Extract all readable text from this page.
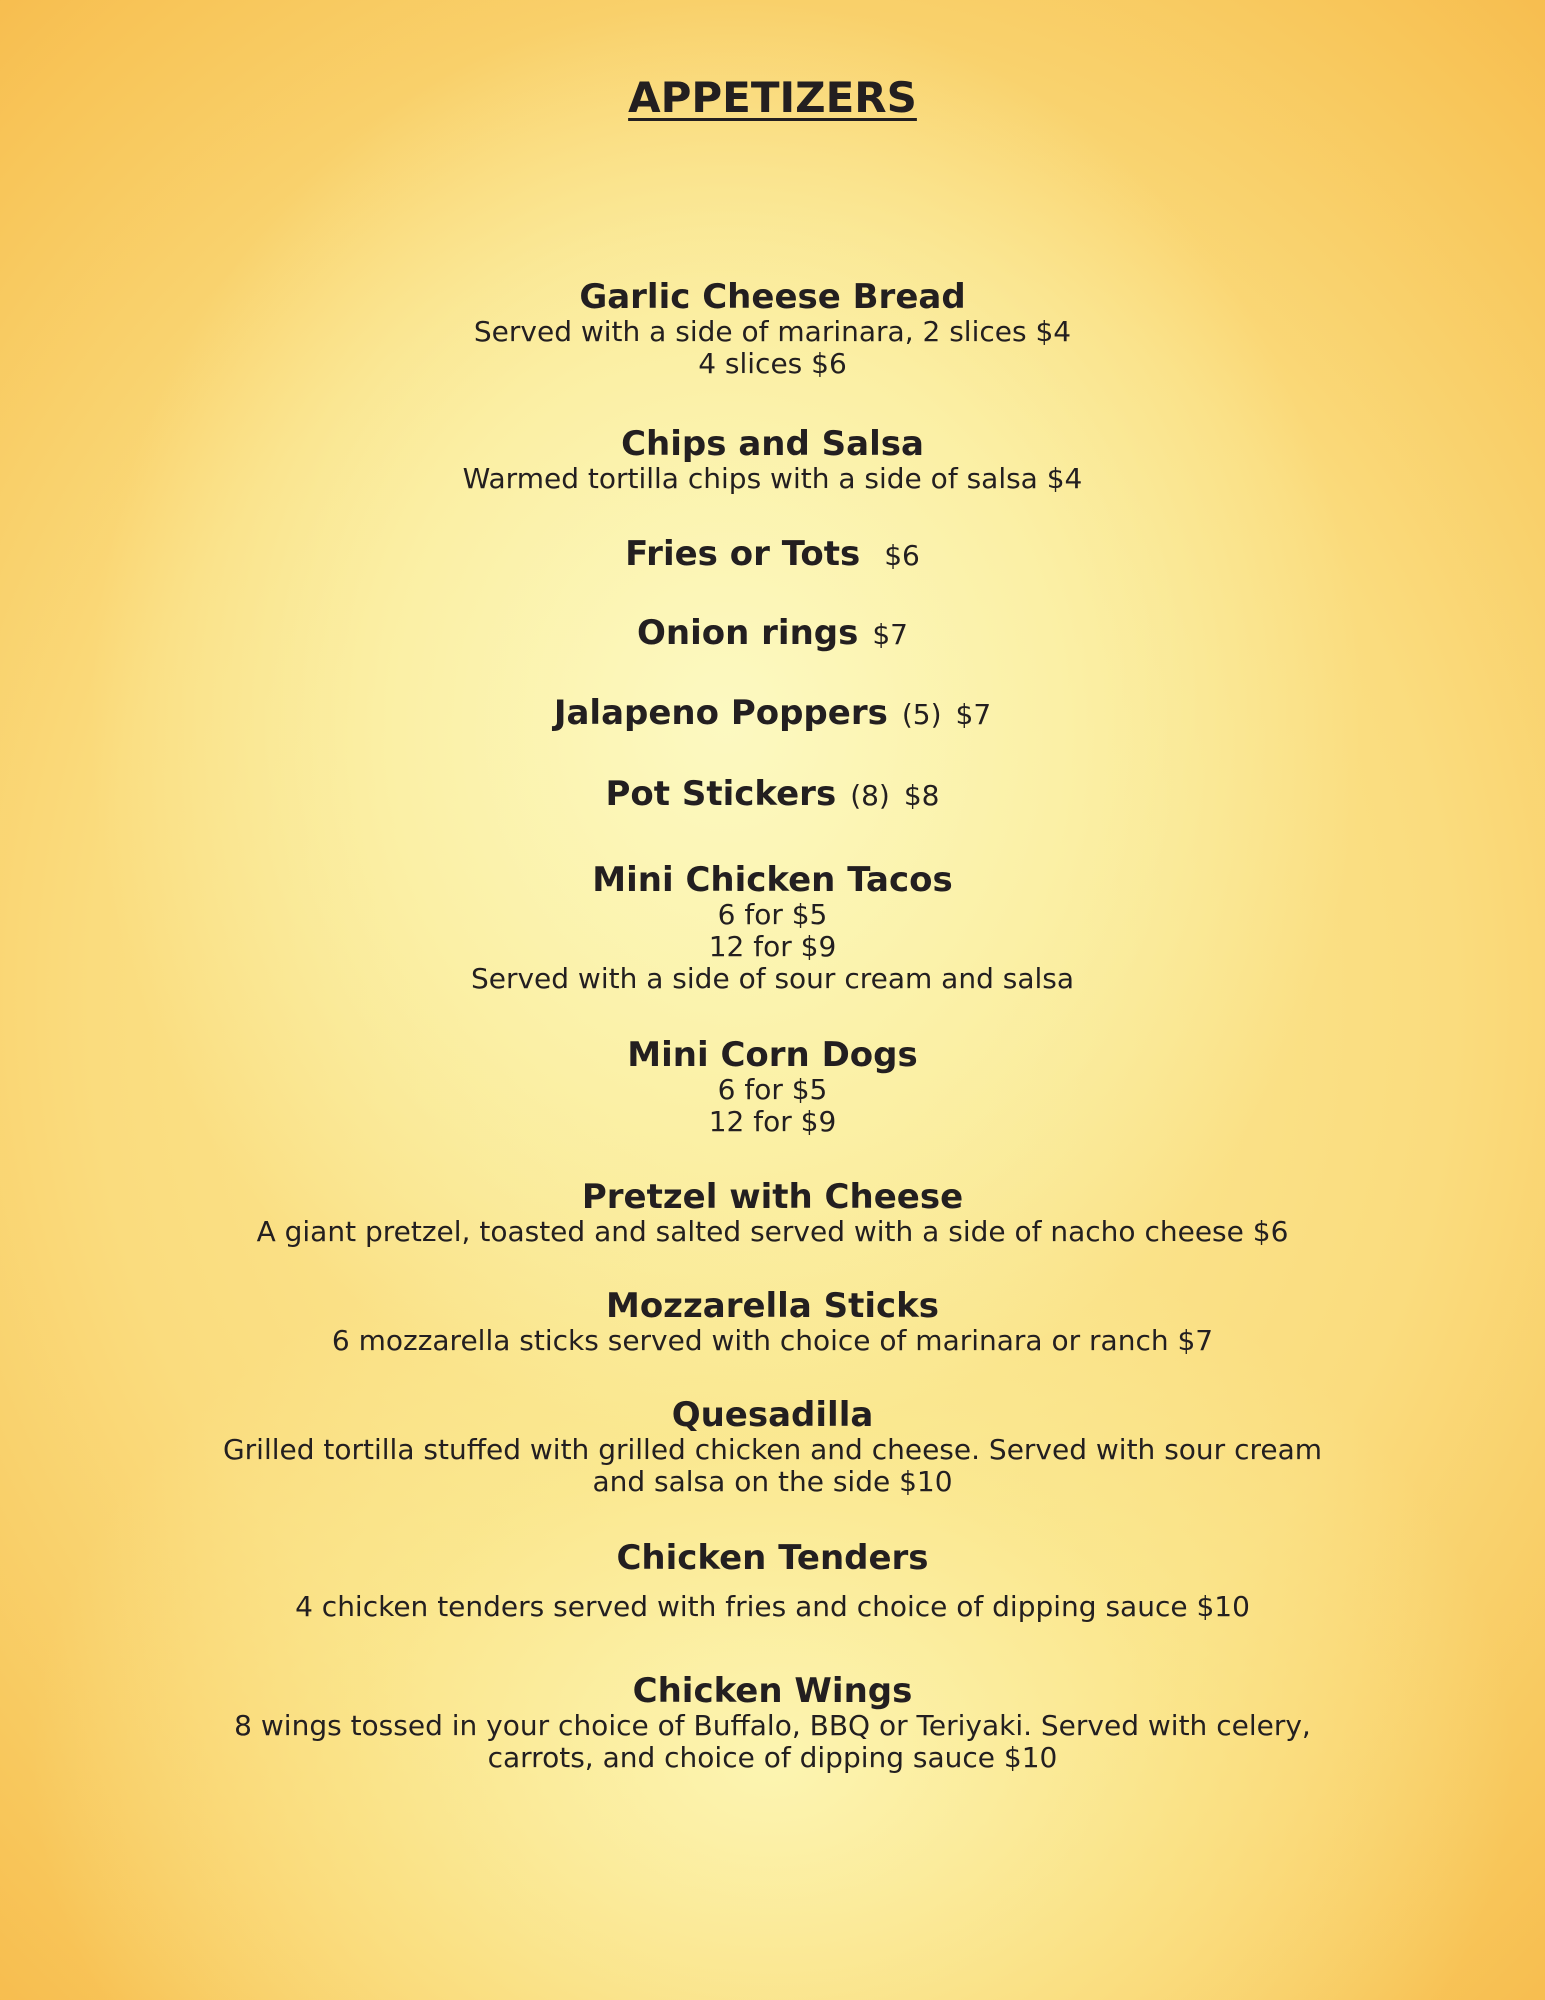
APPETIZERS
Garlic Cheese Bread
Served with a side of marinara, 2 slices $4
4 slices $6
Chips and Salsa
Warmed tortilla chips with a side of salsa $4
Fries or Tots $6
Onion rings $7
Jalapeno Poppers (5) $7
Pot Stickers (8) $8
Mini Chicken Tacos
6 for $5
12 for $9
Served with a side of sour cream and salsa
Mini Corn Dogs
6 for $5
12 for $9
Pretzel with Cheese
A giant pretzel, toasted and salted served with a side of nacho cheese $6
Mozzarella Sticks
6 mozzarella sticks served with choice of marinara or ranch $7
Quesadilla
Grilled tortilla stuffed with grilled chicken and cheese. Served with sour cream
and salsa on the side $10
Chicken Tenders
4 chicken tenders served with fries and choice of dipping sauce $10
Chicken Wings
8 wings tossed in your choice of Buffalo, BBQ or Teriyaki. Served with celery,
carrots, and choice of dipping sauce $10
